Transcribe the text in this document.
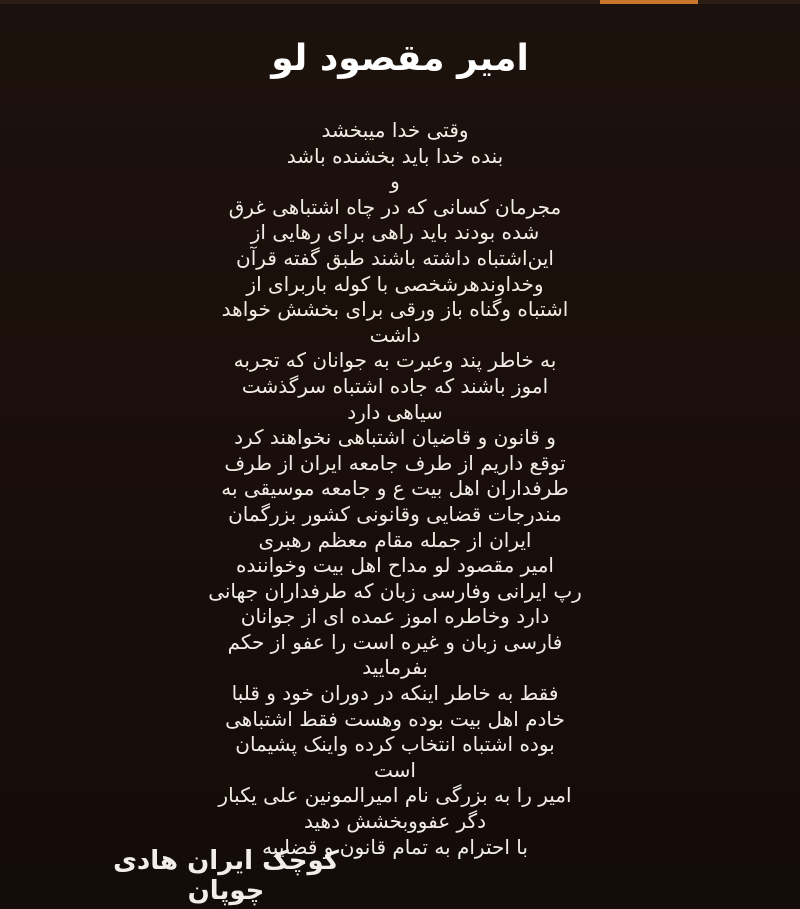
امیر مقصود لو
وقتی خدا میبخشد
بنده خدا باید بخشنده باشد
و
مجرمان کسانی که در چاه اشتباهی غرق
شده بودند باید راهی برای رهایی از
این‌اشتباه داشته باشند طبق گفته قرآن
وخداوندهرشخصی با کوله باربرای از
اشتباه وگناه باز ورقی برای بخشش خواهد
داشت
به خاطر پند وعبرت به جوانان که تجربه
اموز باشند که جاده اشتباه سرگذشت
سیاهی دارد
و قانون و قاضیان اشتباهی نخواهند کرد
توقع داریم از طرف جامعه ایران از طرف
طرفداران اهل بیت ع و جامعه موسیقی به
مندرجات قضایی وقانونی کشور بزرگمان
ایران از جمله مقام معظم رهبری
امیر مقصود لو مداح اهل بیت وخواننده
رپ ایرانی وفارسی زبان که طرفداران جهانی
دارد وخاطره اموز عمده ای از جوانان
فارسی زبان و غیره است را عفو از حکم
بفرمایید
فقط به خاطر اینکه در دوران خود و قلبا
خادم اهل بیت بوده وهست فقط اشتباهی
بوده اشتباه انتخاب کرده واینک پشیمان
است
امیر را به بزرگی نام امیرالمونین علی یکبار
دگر عفووبخشش دهید
با احترام به تمام قانون و قضاییه
کوچک ایران هادی چوپان
